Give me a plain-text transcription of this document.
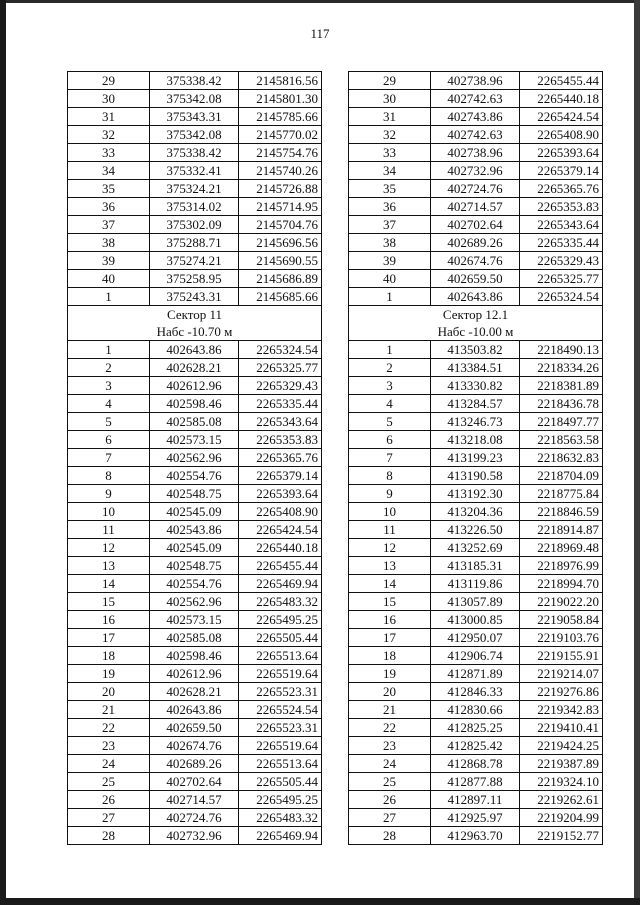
117
29	375338.42	2145816.56
30	375342.08	2145801.30
31	375343.31	2145785.66
32	375342.08	2145770.02
33	375338.42	2145754.76
34	375332.41	2145740.26
35	375324.21	2145726.88
36	375314.02	2145714.95
37	375302.09	2145704.76
38	375288.71	2145696.56
39	375274.21	2145690.55
40	375258.95	2145686.89
1	375243.31	2145685.66
Сектор 11		
Набс -10.70 м		
1	402643.86	2265324.54
2	402628.21	2265325.77
3	402612.96	2265329.43
4	402598.46	2265335.44
5	402585.08	2265343.64
6	402573.15	2265353.83
7	402562.96	2265365.76
8	402554.76	2265379.14
9	402548.75	2265393.64
10	402545.09	2265408.90
11	402543.86	2265424.54
12	402545.09	2265440.18
13	402548.75	2265455.44
14	402554.76	2265469.94
15	402562.96	2265483.32
16	402573.15	2265495.25
17	402585.08	2265505.44
18	402598.46	2265513.64
19	402612.96	2265519.64
20	402628.21	2265523.31
21	402643.86	2265524.54
22	402659.50	2265523.31
23	402674.76	2265519.64
24	402689.26	2265513.64
25	402702.64	2265505.44
26	402714.57	2265495.25
27	402724.76	2265483.32
28	402732.96	2265469.94
29	402738.96	2265455.44
30	402742.63	2265440.18
31	402743.86	2265424.54
32	402742.63	2265408.90
33	402738.96	2265393.64
34	402732.96	2265379.14
35	402724.76	2265365.76
36	402714.57	2265353.83
37	402702.64	2265343.64
38	402689.26	2265335.44
39	402674.76	2265329.43
40	402659.50	2265325.77
1	402643.86	2265324.54
Сектор 12.1		
Набс -10.00 м		
1	413503.82	2218490.13
2	413384.51	2218334.26
3	413330.82	2218381.89
4	413284.57	2218436.78
5	413246.73	2218497.77
6	413218.08	2218563.58
7	413199.23	2218632.83
8	413190.58	2218704.09
9	413192.30	2218775.84
10	413204.36	2218846.59
11	413226.50	2218914.87
12	413252.69	2218969.48
13	413185.31	2218976.99
14	413119.86	2218994.70
15	413057.89	2219022.20
16	413000.85	2219058.84
17	412950.07	2219103.76
18	412906.74	2219155.91
19	412871.89	2219214.07
20	412846.33	2219276.86
21	412830.66	2219342.83
22	412825.25	2219410.41
23	412825.42	2219424.25
24	412868.78	2219387.89
25	412877.88	2219324.10
26	412897.11	2219262.61
27	412925.97	2219204.99
28	412963.70	2219152.77
